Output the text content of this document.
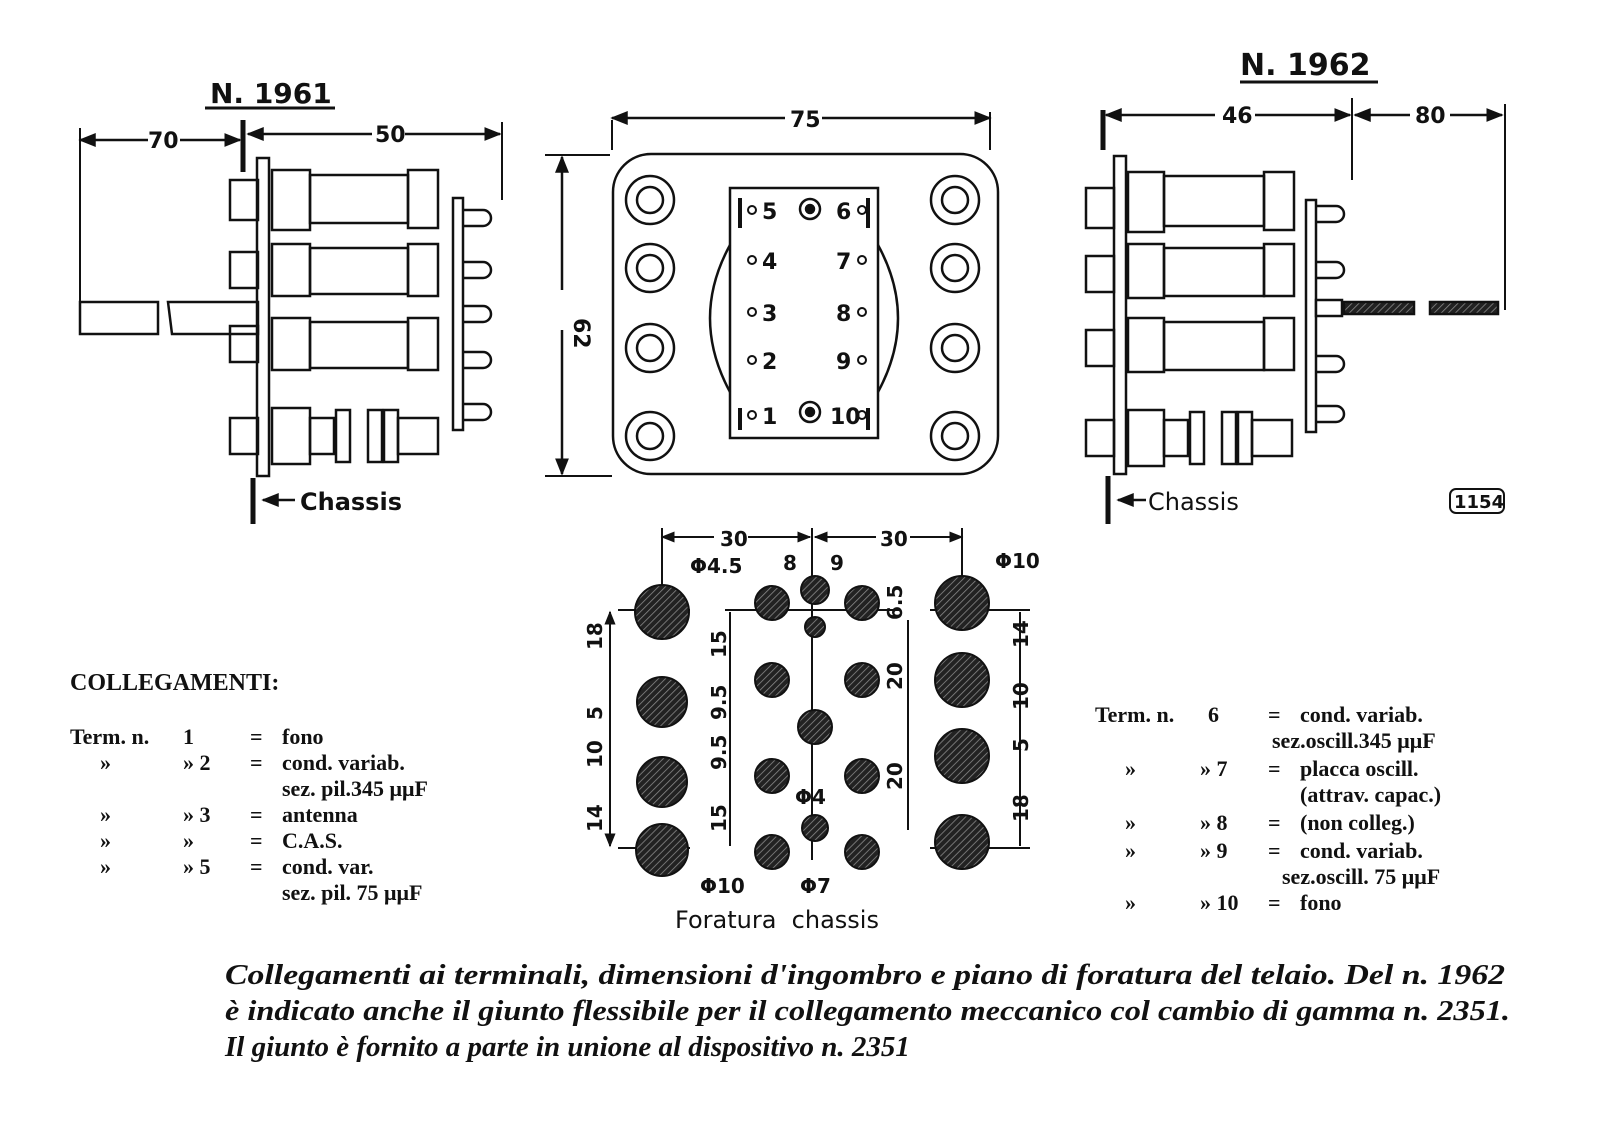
N. 1961
70	50
Chassis
75
62
5	6
4	7
3	8
2	9
1 10
N. 1962
46	80
Chassis	1154
30	30
8 9
Φ4.5	Φ10
Φ10
Φ4
Φ7
18
5
10
14
15
9.5
9.5
15
6.5
20
20
14
10
5
18
Foratura  chassis
COLLEGAMENTI:
Term. n. 1	= fono
»	» 2 = cond. variab.
sez. pil.345 μμF
»	» 3 = antenna
»	»	= C.A.S.
»	» 5 = cond. var.
sez. pil. 75 μμF
Term. n. 6 = cond. variab.
sez.oscill.345 μμF
»	» 7 = placca oscill.
(attrav. capac.)
»	» 8 = (non colleg.)
»	» 9 = cond. variab.
sez.oscill. 75 μμF
»	» 10 = fono
Collegamenti ai terminali, dimensioni d'ingombro e piano di foratura del telaio. Del n. 1962
è indicato anche il giunto flessibile per il collegamento meccanico col cambio di gamma n. 2351.
Il giunto è fornito a parte in unione al dispositivo n. 2351
